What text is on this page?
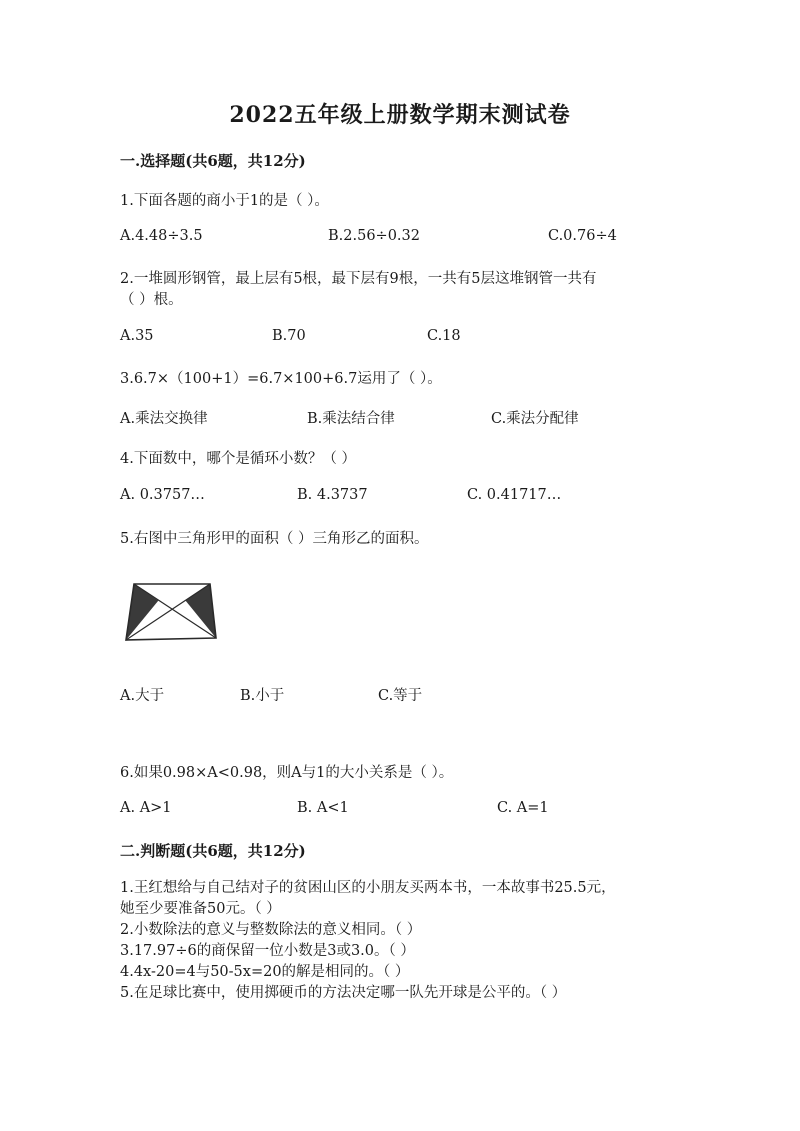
2022五年级上册数学期末测试卷
一.选择题(共6题，共12分)
1.下面各题的商小于1的是（ ）。
A.4.48÷3.5	B.2.56÷0.32	C.0.76÷4
2.一堆圆形钢管，最上层有5根，最下层有9根，一共有5层这堆钢管一共有
（ ）根。
A.35	B.70	C.18
3.6.7×（100+1）=6.7×100+6.7运用了（ ）。
A.乘法交换律	B.乘法结合律	C.乘法分配律
4.下面数中，哪个是循环小数？（ ）
A. 0.3757…	B. 4.3737	C. 0.41717…
5.右图中三角形甲的面积（ ）三角形乙的面积。
A.大于	B.小于	C.等于
6.如果0.98×A<0.98，则A与1的大小关系是（ ）。
A. A>1	B. A<1	C. A=1
二.判断题(共6题，共12分)
1.王红想给与自己结对子的贫困山区的小朋友买两本书，一本故事书25.5元，
她至少要准备50元。（ ）
2.小数除法的意义与整数除法的意义相同。（ ）
3.17.97÷6的商保留一位小数是3或3.0。（ ）
4.4x-20=4与50-5x=20的解是相同的。（ ）
5.在足球比赛中，使用掷硬币的方法决定哪一队先开球是公平的。（ ）
